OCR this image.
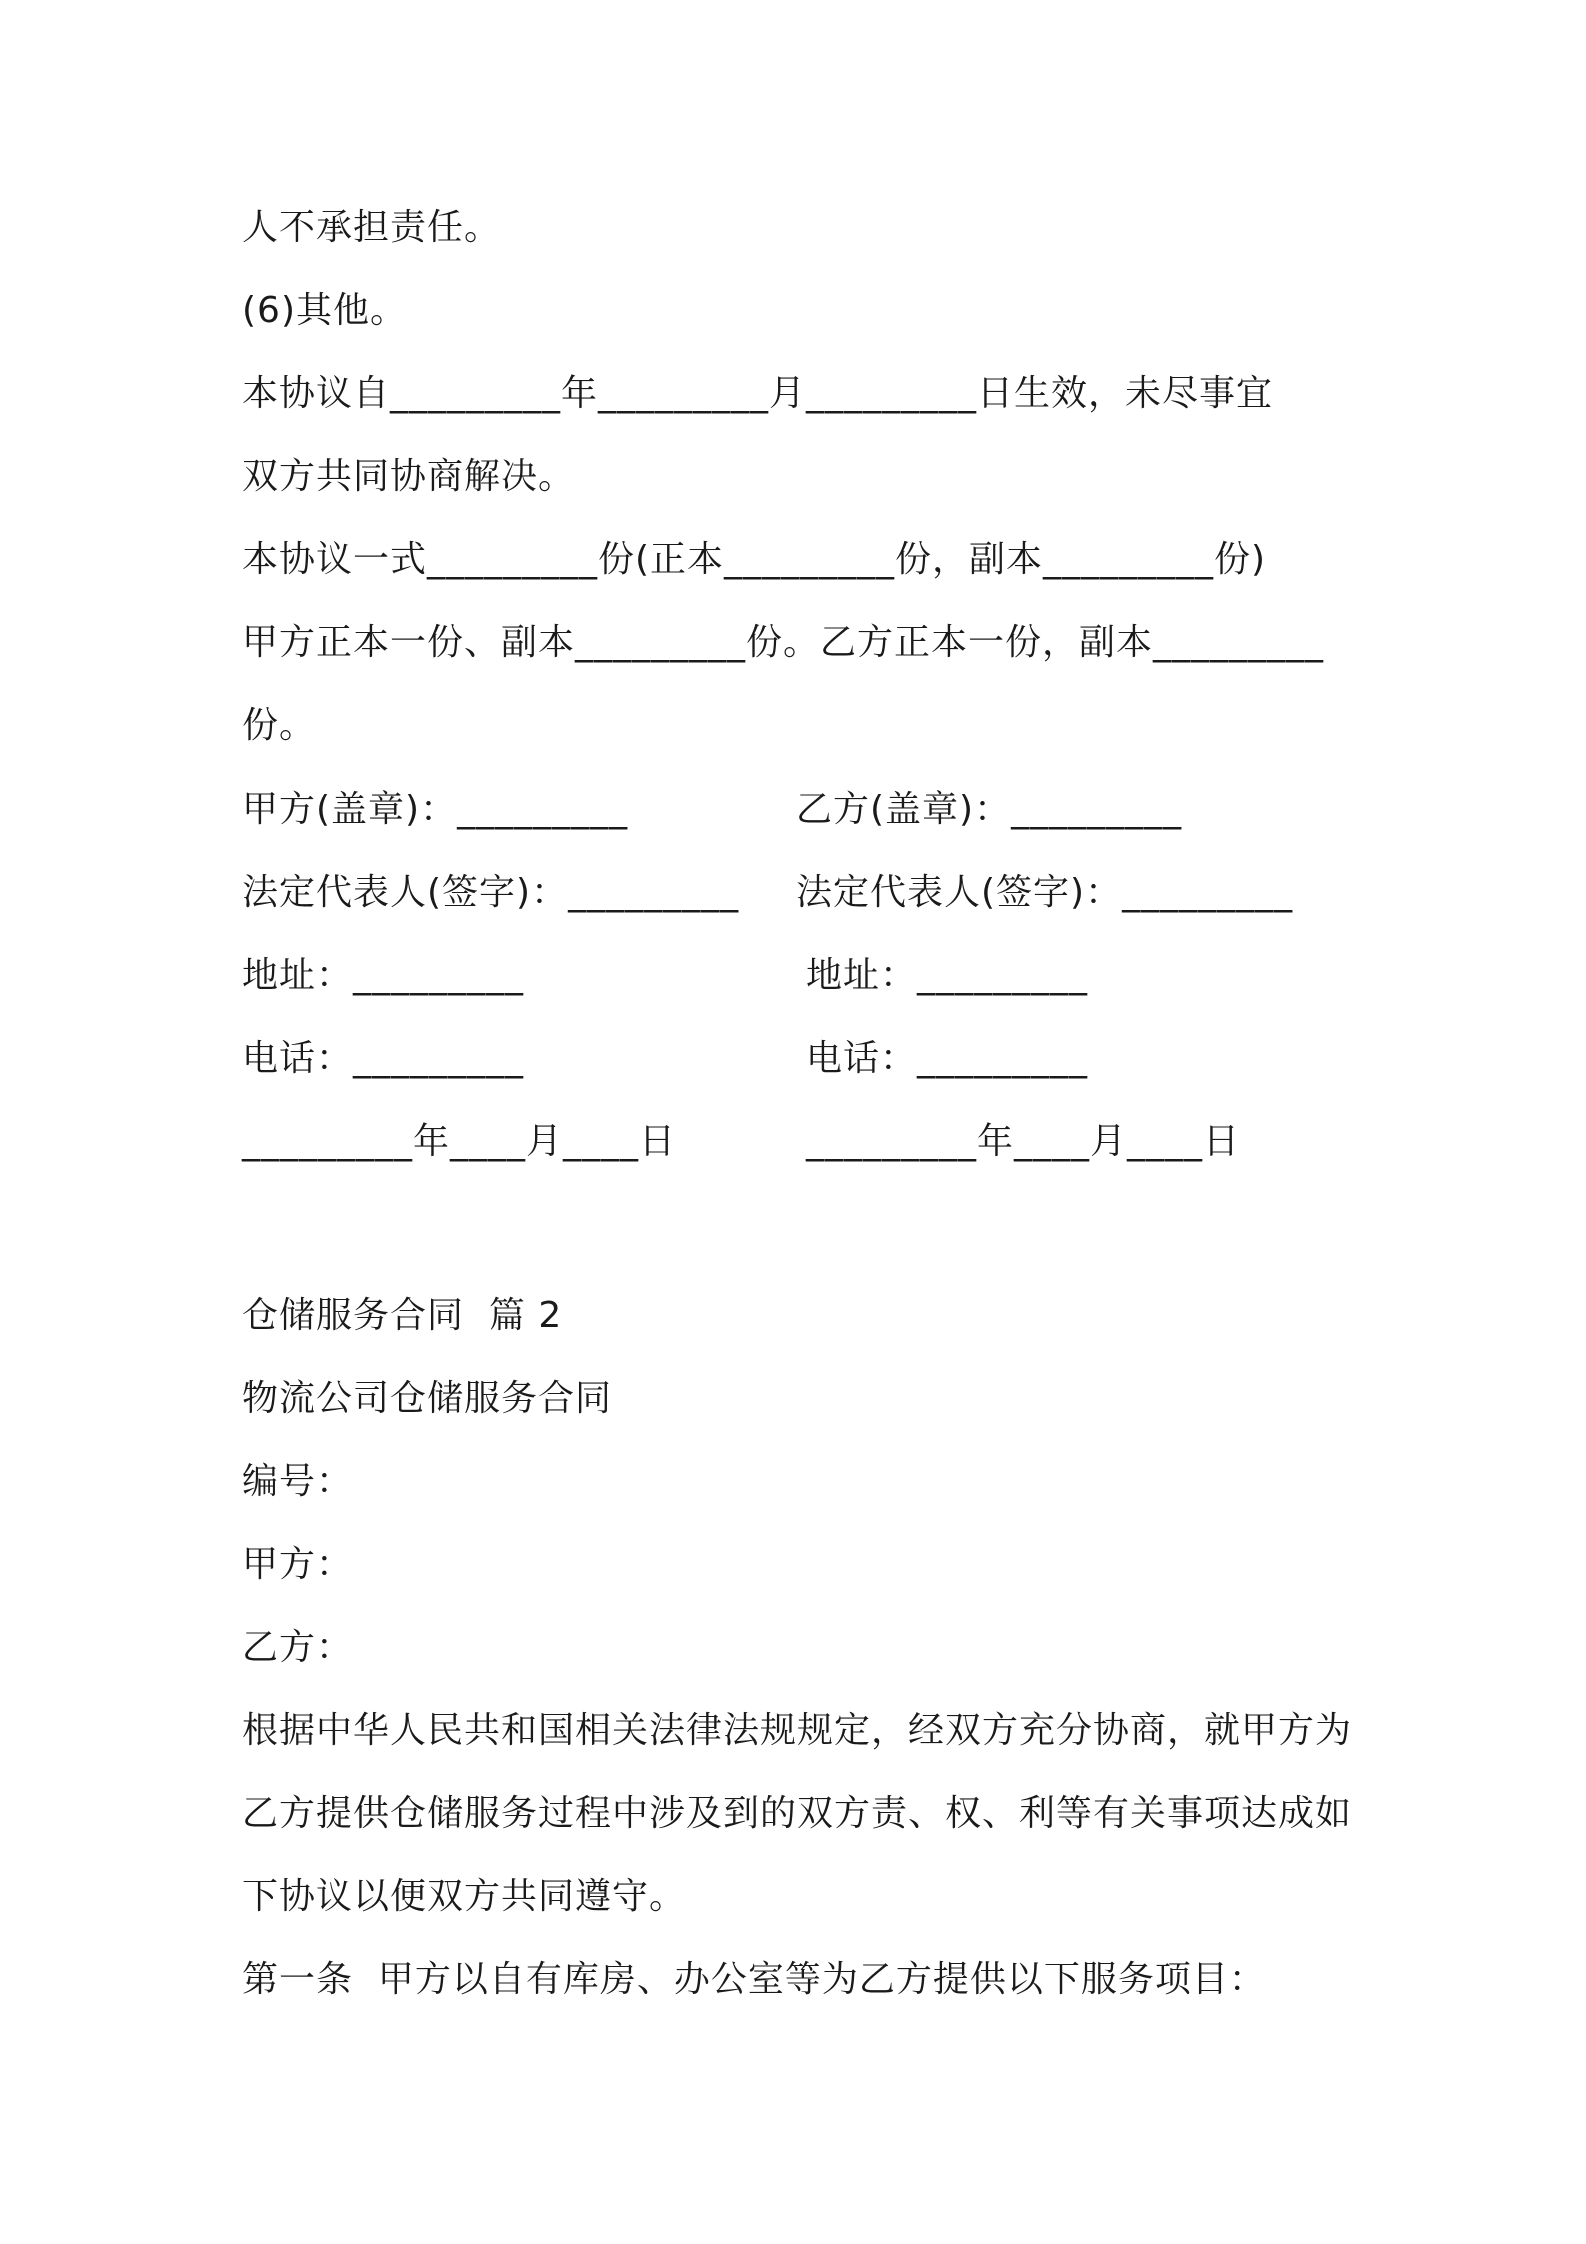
人不承担责任。
(6)其他。
本协议自_________年_________月_________日生效，未尽事宜
双方共同协商解决。
本协议一式_________份(正本_________份，副本_________份)
甲方正本一份、副本_________份。乙方正本一份，副本_________
份。
甲方(盖章)：_________	乙方(盖章)：_________
法定代表人(签字)：_________ 法定代表人(签字)：_________
地址：_________	地址：_________
电话：_________	电话：_________
_________年____月____日	_________年____月____日
仓储服务合同  篇 2
物流公司仓储服务合同
编号：
甲方：
乙方：
根据中华人民共和国相关法律法规规定，经双方充分协商，就甲方为
乙方提供仓储服务过程中涉及到的双方责、权、利等有关事项达成如
下协议以便双方共同遵守。
第一条  甲方以自有库房、办公室等为乙方提供以下服务项目：
